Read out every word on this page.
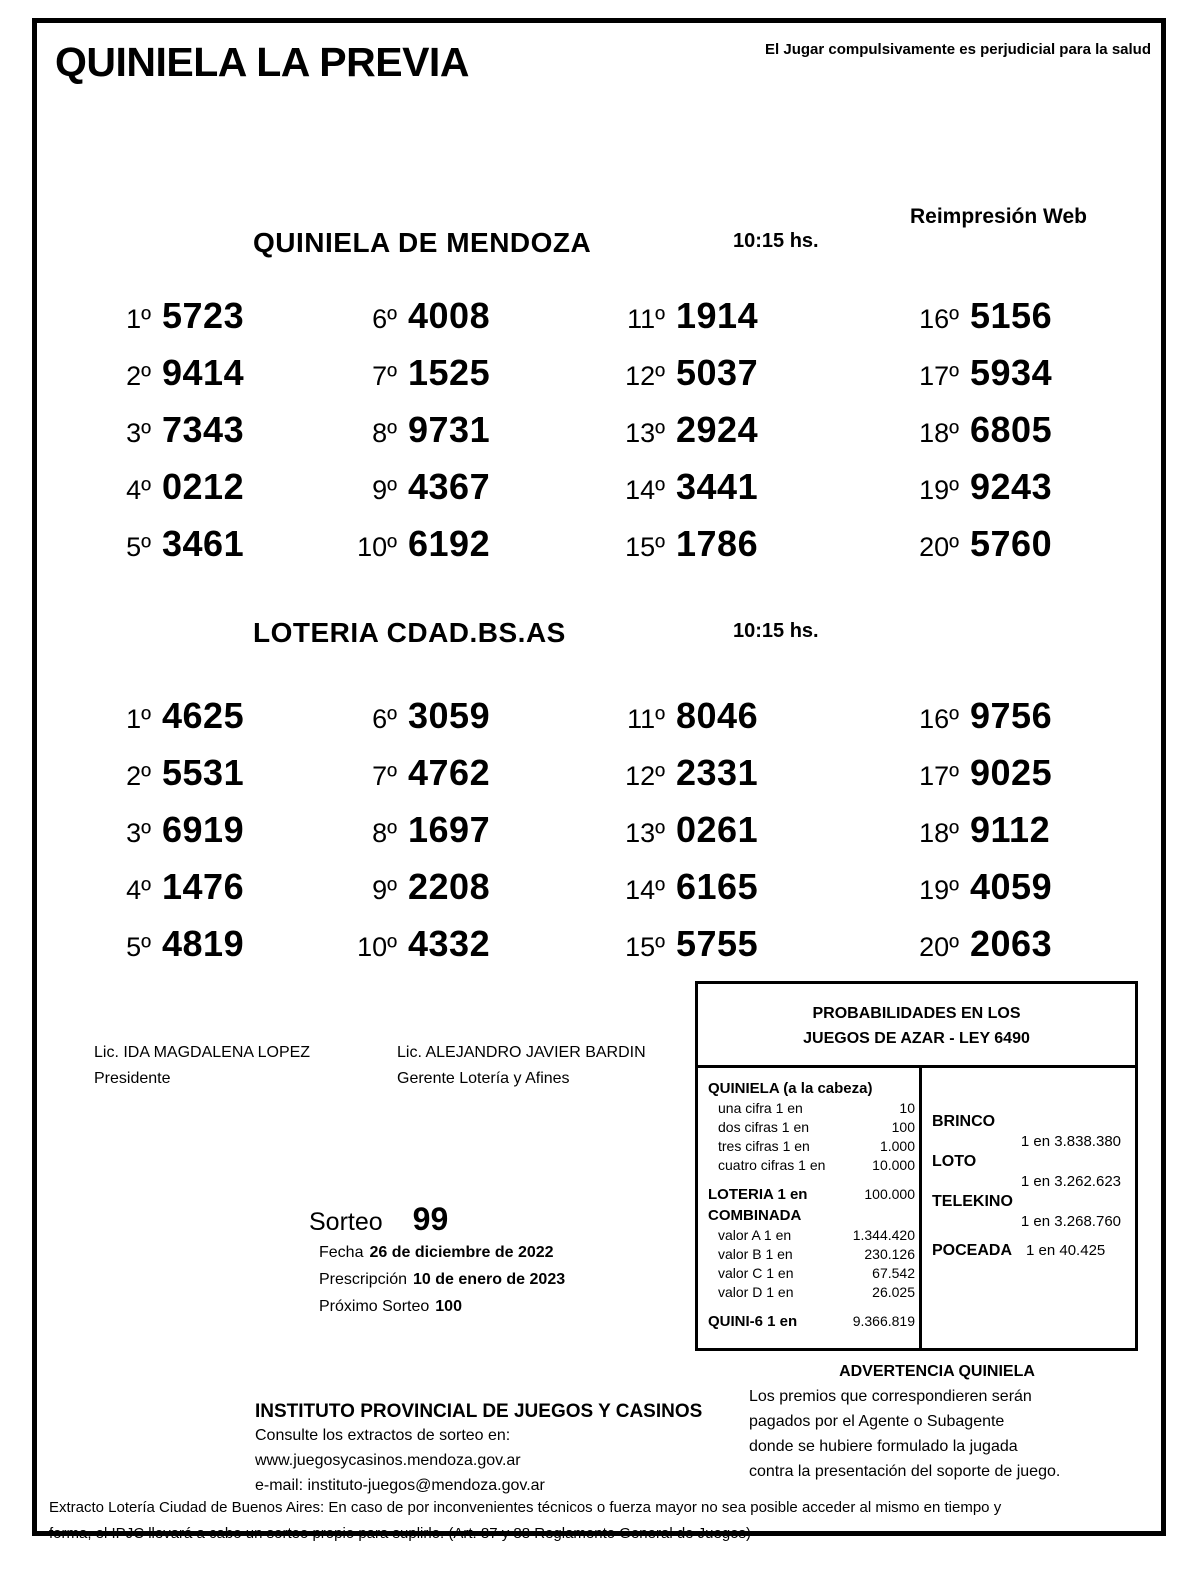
QUINIELA LA PREVIA	El Jugar compulsivamente es perjudicial para la salud
Reimpresión Web
QUINIELA DE MENDOZA	10:15 hs.
1º 5723	6º 4008	11º 1914	16º 5156
2º 9414	7º 1525	12º 5037	17º 5934
3º 7343	8º 9731	13º 2924	18º 6805
4º 0212	9º 4367	14º 3441	19º 9243
5º 3461	10º 6192	15º 1786	20º 5760
LOTERIA CDAD.BS.AS	10:15 hs.
1º 4625	6º 3059	11º 8046	16º 9756
2º 5531	7º 4762	12º 2331	17º 9025
3º 6919	8º 1697	13º 0261	18º 9112
4º 1476	9º 2208	14º 6165	19º 4059
5º 4819	10º 4332	15º 5755	20º 2063
Lic. IDA MAGDALENA LOPEZ
Presidente
Lic. ALEJANDRO JAVIER BARDIN
Gerente Lotería y Afines
Sorteo 99
Fecha 26 de diciembre de 2022
Prescripción 10 de enero de 2023
Próximo Sorteo 100
PROBABILIDADES EN LOS
JUEGOS DE AZAR - LEY 6490
QUINIELA (a la cabeza)
una cifra 1 en	10
dos cifras 1 en	100
tres cifras 1 en	1.000
cuatro cifras 1 en	10.000
LOTERIA 1 en	100.000
COMBINADA
valor A 1 en	1.344.420
valor B 1 en	230.126
valor C 1 en	67.542
valor D 1 en	26.025
QUINI-6 1 en	9.366.819
BRINCO
1 en 3.838.380
LOTO
1 en 3.262.623
TELEKINO
1 en 3.268.760
POCEADA 1 en 40.425
INSTITUTO PROVINCIAL DE JUEGOS Y CASINOS
Consulte los extractos de sorteo en:
www.juegosycasinos.mendoza.gov.ar
e-mail: instituto-juegos@mendoza.gov.ar
ADVERTENCIA QUINIELA
Los premios que correspondieren serán
pagados por el Agente o Subagente
donde se hubiere formulado la jugada
contra la presentación del soporte de juego.
Extracto Lotería Ciudad de Buenos Aires: En caso de por inconvenientes técnicos o fuerza mayor no sea posible acceder al mismo en tiempo y
forma, el IPJC llevará a cabo un sorteo propio para suplirlo. (Art. 87 y 88 Reglamento General de Juegos)
